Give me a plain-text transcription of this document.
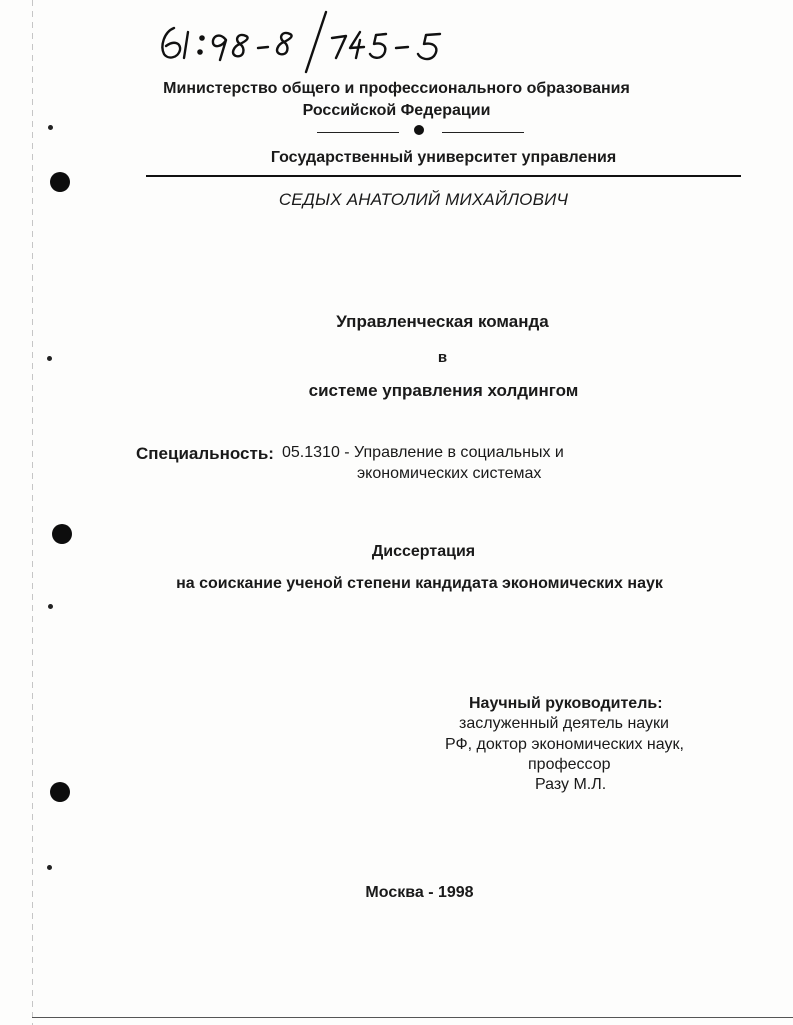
Министерство общего и профессионального образования
Российской Федерации
Государственный университет управления
СЕДЫХ АНАТОЛИЙ МИХАЙЛОВИЧ
Управленческая команда
в
системе управления холдингом
Специальность: 05.1310 - Управление в социальных и
экономических системах
Диссертация
на соискание ученой степени кандидата экономических наук
Научный руководитель:
заслуженный деятель науки
РФ, доктор экономических наук,
профессор
Разу М.Л.
Москва - 1998
